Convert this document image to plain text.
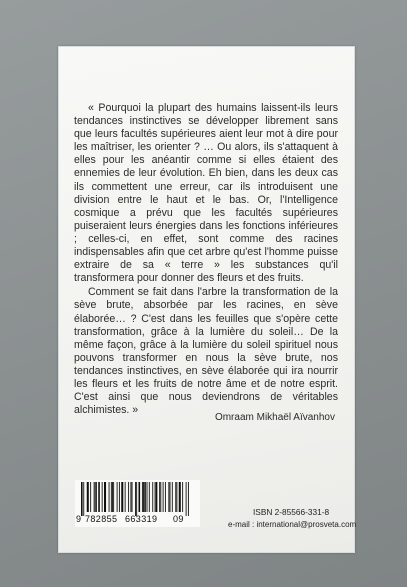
« Pourquoi la plupart des humains laissent-ils leurs tendances instinctives se développer librement sans que leurs facultés supérieures aient leur mot à dire pour les maîtriser, les orienter ? … Ou alors, ils s'attaquent à elles pour les anéantir comme si elles étaient des ennemies de leur évolution. Eh bien, dans les deux cas ils commettent une erreur, car ils introduisent une division entre le haut et le bas. Or, l'Intelligence cosmique a prévu que les facultés supérieures puiseraient leurs énergies dans les fonctions inférieures ; celles-ci, en effet, sont comme des racines indispensables afin que cet arbre qu'est l'homme puisse extraire de sa « terre » les substances qu'il transformera pour donner des fleurs et des fruits.

Comment se fait dans l'arbre la transformation de la sève brute, absorbée par les racines, en sève élaborée… ? C'est dans les feuilles que s'opère cette transformation, grâce à la lumière du soleil… De la même façon, grâce à la lumière du soleil spirituel nous pouvons transformer en nous la sève brute, nos tendances instinctives, en sève élaborée qui ira nourrir les fleurs et les fruits de notre âme et de notre esprit. C'est ainsi que nous deviendrons de véritables alchimistes. »

Omraam Mikhaël Aïvanhov
9 782855 663319 09
ISBN 2-85566-331-8
e-mail : international@prosveta.com
